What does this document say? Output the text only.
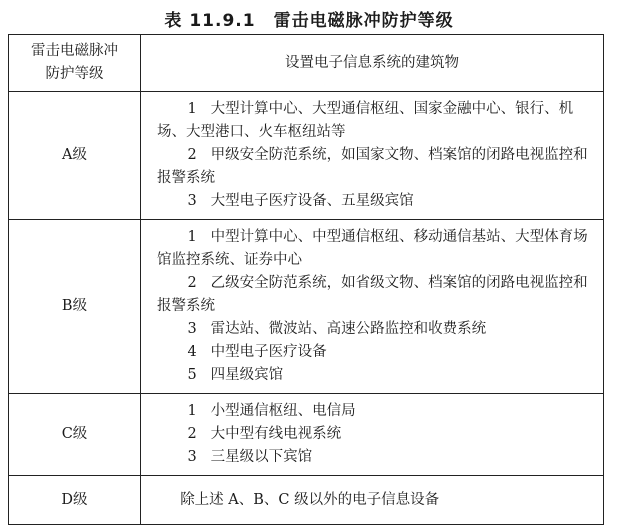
表 11.9.1　雷击电磁脉冲防护等级
雷击电磁脉冲
防护等级	设置电子信息系统的建筑物
A级	1 大型计算中心、大型通信枢纽、国家金融中心、银行、机场、大型港口、火车枢纽站等
2 甲级安全防范系统，如国家文物、档案馆的闭路电视监控和报警系统
3 大型电子医疗设备、五星级宾馆

B级	1 中型计算中心、中型通信枢纽、移动通信基站、大型体育场馆监控系统、证券中心
2 乙级安全防范系统，如省级文物、档案馆的闭路电视监控和报警系统
3 雷达站、微波站、高速公路监控和收费系统
4 中型电子医疗设备
5 四星级宾馆

C级	1 小型通信枢纽、电信局
2 大中型有线电视系统
3 三星级以下宾馆

D级	除上述 A、B、C 级以外的电子信息设备
